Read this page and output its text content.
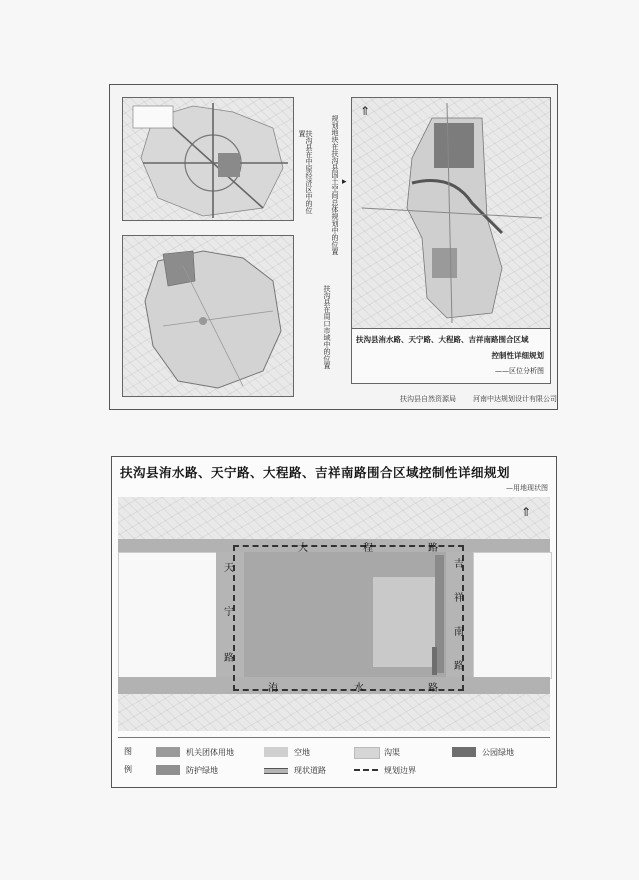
扶沟县在中原经济区中的位置
扶沟县在周口市域中的位置
规划地块在扶沟县国土空间总体规划中的位置 ▸
⇑
扶沟县洧水路、天宁路、大程路、吉祥南路围合区域
控制性详细规划
——区位分析图
扶沟县自然资源局 河南中达规划设计有限公司
扶沟县洧水路、天宁路、大程路、吉祥南路围合区域控制性详细规划
—用地现状图
⇑
大	程	路
天
宁
路
吉
祥
南
路
洧	水	路
图
例
机关团体用地	空地	沟渠	公园绿地
防护绿地	现状道路	规划边界
